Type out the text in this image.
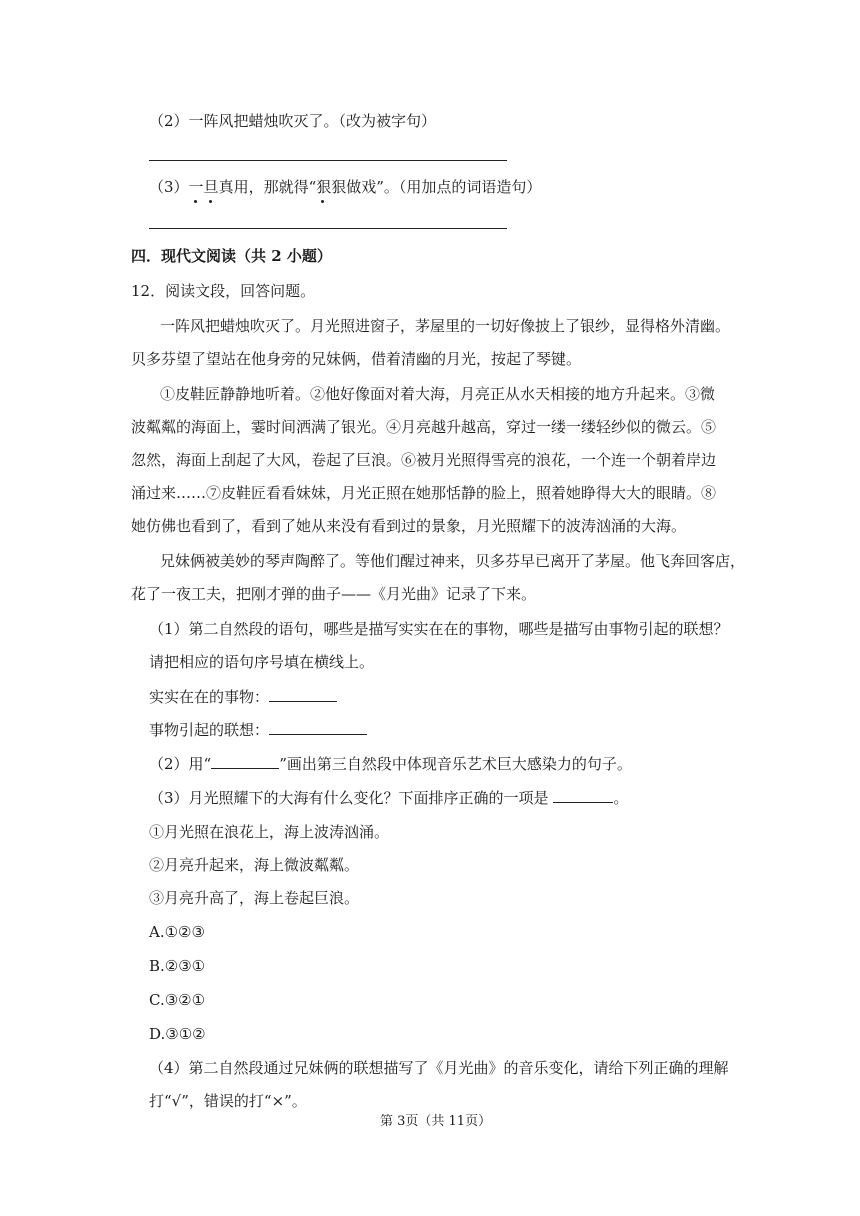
（2）一阵风把蜡烛吹灭了。（改为被字句）
（3）一旦
真用，那就得“狠狠
做戏”。（用加点的词语造句）
四．现代文阅读（共 2 小题）
12．阅读文段，回答问题。
一阵风把蜡烛吹灭了。月光照进窗子，茅屋里的一切好像披上了银纱，显得格外清幽。
贝多芬望了望站在他身旁的兄妹俩，借着清幽的月光，按起了琴键。
①皮鞋匠静静地听着。②他好像面对着大海，月亮正从水天相接的地方升起来。③微
波粼粼的海面上，霎时间洒满了银光。④月亮越升越高，穿过一缕一缕轻纱似的微云。⑤
忽然，海面上刮起了大风，卷起了巨浪。⑥被月光照得雪亮的浪花，一个连一个朝着岸边
涌过来……⑦皮鞋匠看看妹妹，月光正照在她那恬静的脸上，照着她睁得大大的眼睛。⑧
她仿佛也看到了，看到了她从来没有看到过的景象，月光照耀下的波涛汹涌的大海。
兄妹俩被美妙的琴声陶醉了。等他们醒过神来，贝多芬早已离开了茅屋。他飞奔回客店，
花了一夜工夫，把刚才弹的曲子——《月光曲》记录了下来。
（1）第二自然段的语句，哪些是描写实实在在的事物，哪些是描写由事物引起的联想？
请把相应的语句序号填在横线上。
实实在在的事物：
事物引起的联想：
（2）用“	”画出第三自然段中体现音乐艺术巨大感染力的句子。
（3）月光照耀下的大海有什么变化？下面排序正确的一项是	。
①月光照在浪花上，海上波涛汹涌。
②月亮升起来，海上微波粼粼。
③月亮升高了，海上卷起巨浪。
A.①②③
B.②③①
C.③②①
D.③①②
（4）第二自然段通过兄妹俩的联想描写了《月光曲》的音乐变化，请给下列正确的理解
打“√”，错误的打“×”。
第 3页（共 11页）
